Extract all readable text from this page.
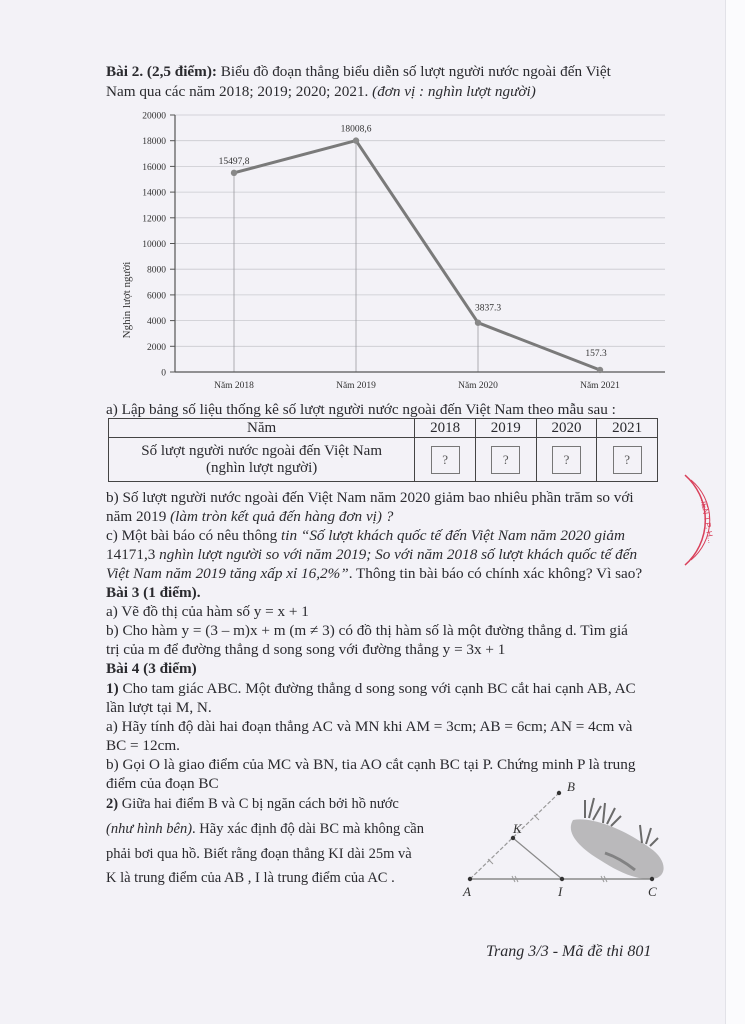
Bài 2. (2,5 điểm): Biểu đồ đoạn thẳng biểu diễn số lượt người nước ngoài đến Việt
Nam qua các năm 2018; 2019; 2020; 2021. (đơn vị : nghìn lượt người)
0
2000
4000
6000
8000
10000
12000
14000
16000
18000
20000
Năm 2018	Năm 2019	Năm 2020	Năm 2021
15497,8
18008,6
3837.3
157.3
Nghìn lượt người
a) Lập bảng số liệu thống kê số lượt người nước ngoài đến Việt Nam theo mẫu sau :
Năm	2018	2019	2020	2021

Số lượt người nước ngoài đến Việt Nam
(nghìn lượt người)	?	?	?	?
b) Số lượt người nước ngoài đến Việt Nam năm 2020 giảm bao nhiêu phần trăm so với
năm 2019 (làm tròn kết quả đến hàng đơn vị) ?
c) Một bài báo có nêu thông tin “Số lượt khách quốc tế đến Việt Nam năm 2020 giảm
14171,3 nghìn lượt người so với năm 2019; So với năm 2018 số lượt khách quốc tế đến
Việt Nam năm 2019 tăng xấp xỉ 16,2%”. Thông tin bài báo có chính xác không? Vì sao?
Bài 3 (1 điểm).
a) Vẽ đồ thị của hàm số y = x + 1
b) Cho hàm y = (3 – m)x + m (m ≠ 3) có đồ thị hàm số là một đường thẳng d. Tìm giá
trị của m để đường thẳng d song song với đường thẳng y = 3x + 1
Bài 4 (3 điểm)
1) Cho tam giác ABC. Một đường thẳng d song song với cạnh BC cắt hai cạnh AB, AC
lần lượt tại M, N.
a) Hãy tính độ dài hai đoạn thẳng AC và MN khi AM = 3cm; AB = 6cm; AN = 4cm và
BC = 12cm.
b) Gọi O là giao điểm của MC và BN, tia AO cắt cạnh BC tại P. Chứng minh P là trung
điểm của đoạn BC
2) Giữa hai điểm B và C bị ngăn cách bởi hồ nước
(như hình bên). Hãy xác định độ dài BC mà không cần
phải bơi qua hồ. Biết rằng đoạn thẳng KI dài 25m và
K là trung điểm của AB , I là trung điểm của AC .
A
B
K
I	C
...IEN T.P. H...
Trang 3/3 - Mã đề thi 801
